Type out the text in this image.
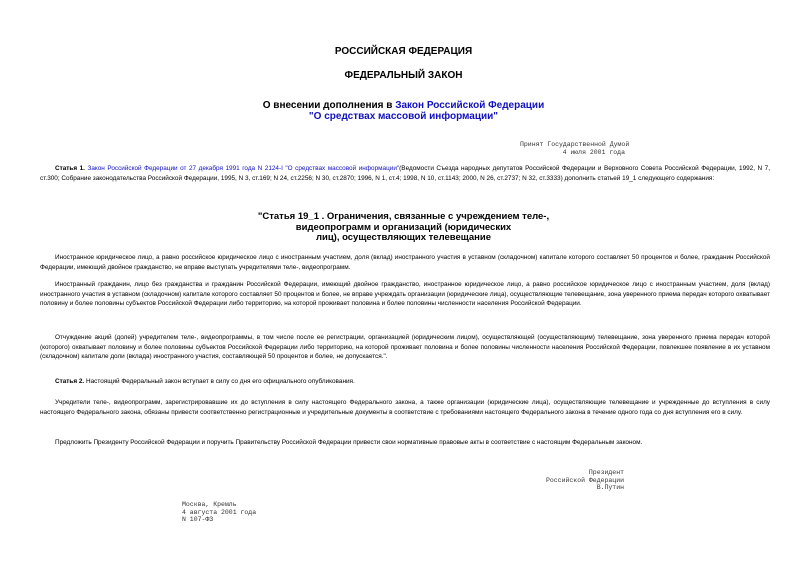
РОССИЙСКАЯ ФЕДЕРАЦИЯ
ФЕДЕРАЛЬНЫЙ ЗАКОН
О внесении дополнения в Закон Российской Федерации
"О средствах массовой информации"
Принят Государственной Думой
4 июля 2001 года
Статья 1. Закон Российской Федерации от 27 декабря 1991 года N 2124-I "О средствах массовой информации"(Ведомости Съезда народных депутатов Российской Федерации и Верховного Совета Российской Федерации, 1992, N 7, ст.300; Собрание законодательства Российской Федерации, 1995, N 3, ст.169; N 24, ст.2256; N 30, ст.2870; 1996, N 1, ст.4; 1998, N 10, ст.1143; 2000, N 26, ст.2737; N 32, ст.3333) дополнить статьей 19_1 следующего содержания:
"Статья 19_1 . Ограничения, связанные с учреждением теле-,
видеопрограмм и организаций (юридических
лиц), осуществляющих телевещание
Иностранное юридическое лицо, а равно российское юридическое лицо с иностранным участием, доля (вклад) иностранного участия в уставном (складочном) капитале которого составляет 50 процентов и более, гражданин Российской Федерации, имеющий двойное гражданство, не вправе выступать учредителями теле-, видеопрограмм.
Иностранный гражданин, лицо без гражданства и гражданин Российской Федерации, имеющий двойное гражданство, иностранное юридическое лицо, а равно российское юридическое лицо с иностранным участием, доля (вклад) иностранного участия в уставном (складочном) капитале которого составляет 50 процентов и более, не вправе учреждать организации (юридические лица), осуществляющие телевещание, зона уверенного приема передач которого охватывает половину и более половины субъектов Российской Федерации либо территорию, на которой проживает половина и более половины численности населения Российской Федерации.
Отчуждение акций (долей) учредителем теле-, видеопрограммы, в том числе после ее регистрации, организацией (юридическим лицом), осуществляющей (осуществляющим) телевещание, зона уверенного приема передач которой (которого) охватывает половину и более половины субъектов Российской Федерации либо территорию, на которой проживает половина и более половины численности населения Российской Федерации, повлекшее появление в их уставном (складочном) капитале доли (вклада) иностранного участия, составляющей 50 процентов и более, не допускается.".
Статья 2. Настоящий Федеральный закон вступает в силу со дня его официального опубликования.
Учредители теле-, видеопрограмм, зарегистрировавшие их до вступления в силу настоящего Федерального закона, а также организации (юридические лица), осуществляющие телевещание и учрежденные до вступления в силу настоящего Федерального закона, обязаны привести соответственно регистрационные и учредительные документы в соответствие с требованиями настоящего Федерального закона в течение одного года со дня вступления его в силу.
Предложить Президенту Российской Федерации и поручить Правительству Российской Федерации привести свои нормативные правовые акты в соответствие с настоящим Федеральным законом.
Президент
Российской Федерации
В.Путин
Москва, Кремль
4 августа 2001 года
N 107-ФЗ
